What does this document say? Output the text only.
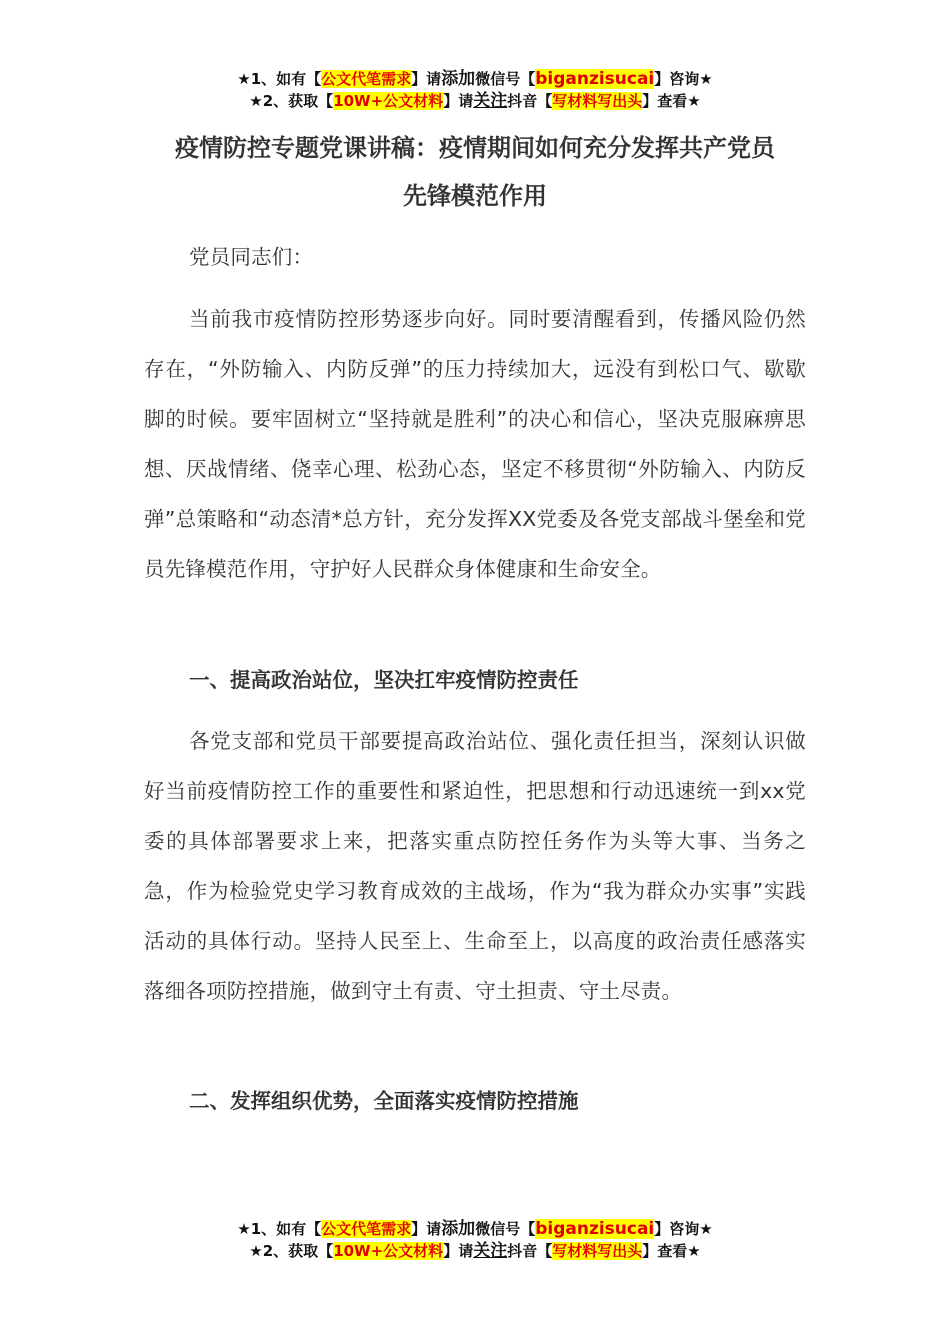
★1、如有【公文代笔需求】请添加微信号【biganzisucai】咨询★
★2、获取【10W+公文材料】请关注抖音【写材料写出头】查看★
疫情防控专题党课讲稿：疫情期间如何充分发挥共产党员
先锋模范作用

党员同志们：

当前我市疫情防控形势逐步向好。同时要清醒看到，传播风险仍然存在，“外防输入、内防反弹”的压力持续加大，远没有到松口气、歇歇脚的时候。要牢固树立“坚持就是胜利”的决心和信心，坚决克服麻痹思想、厌战情绪、侥幸心理、松劲心态，坚定不移贯彻“外防输入、内防反弹”总策略和“动态清*总方针，充分发挥XX党委及各党支部战斗堡垒和党员先锋模范作用，守护好人民群众身体健康和生命安全。

一、提高政治站位，坚决扛牢疫情防控责任

各党支部和党员干部要提高政治站位、强化责任担当，深刻认识做好当前疫情防控工作的重要性和紧迫性，把思想和行动迅速统一到xx党委的具体部署要求上来，把落实重点防控任务作为头等大事、当务之急，作为检验党史学习教育成效的主战场，作为“我为群众办实事”实践活动的具体行动。坚持人民至上、生命至上，以高度的政治责任感落实落细各项防控措施，做到守土有责、守土担责、守土尽责。

二、发挥组织优势，全面落实疫情防控措施

★1、如有【公文代笔需求】请添加微信号【biganzisucai】咨询★
★2、获取【10W+公文材料】请关注抖音【写材料写出头】查看★
